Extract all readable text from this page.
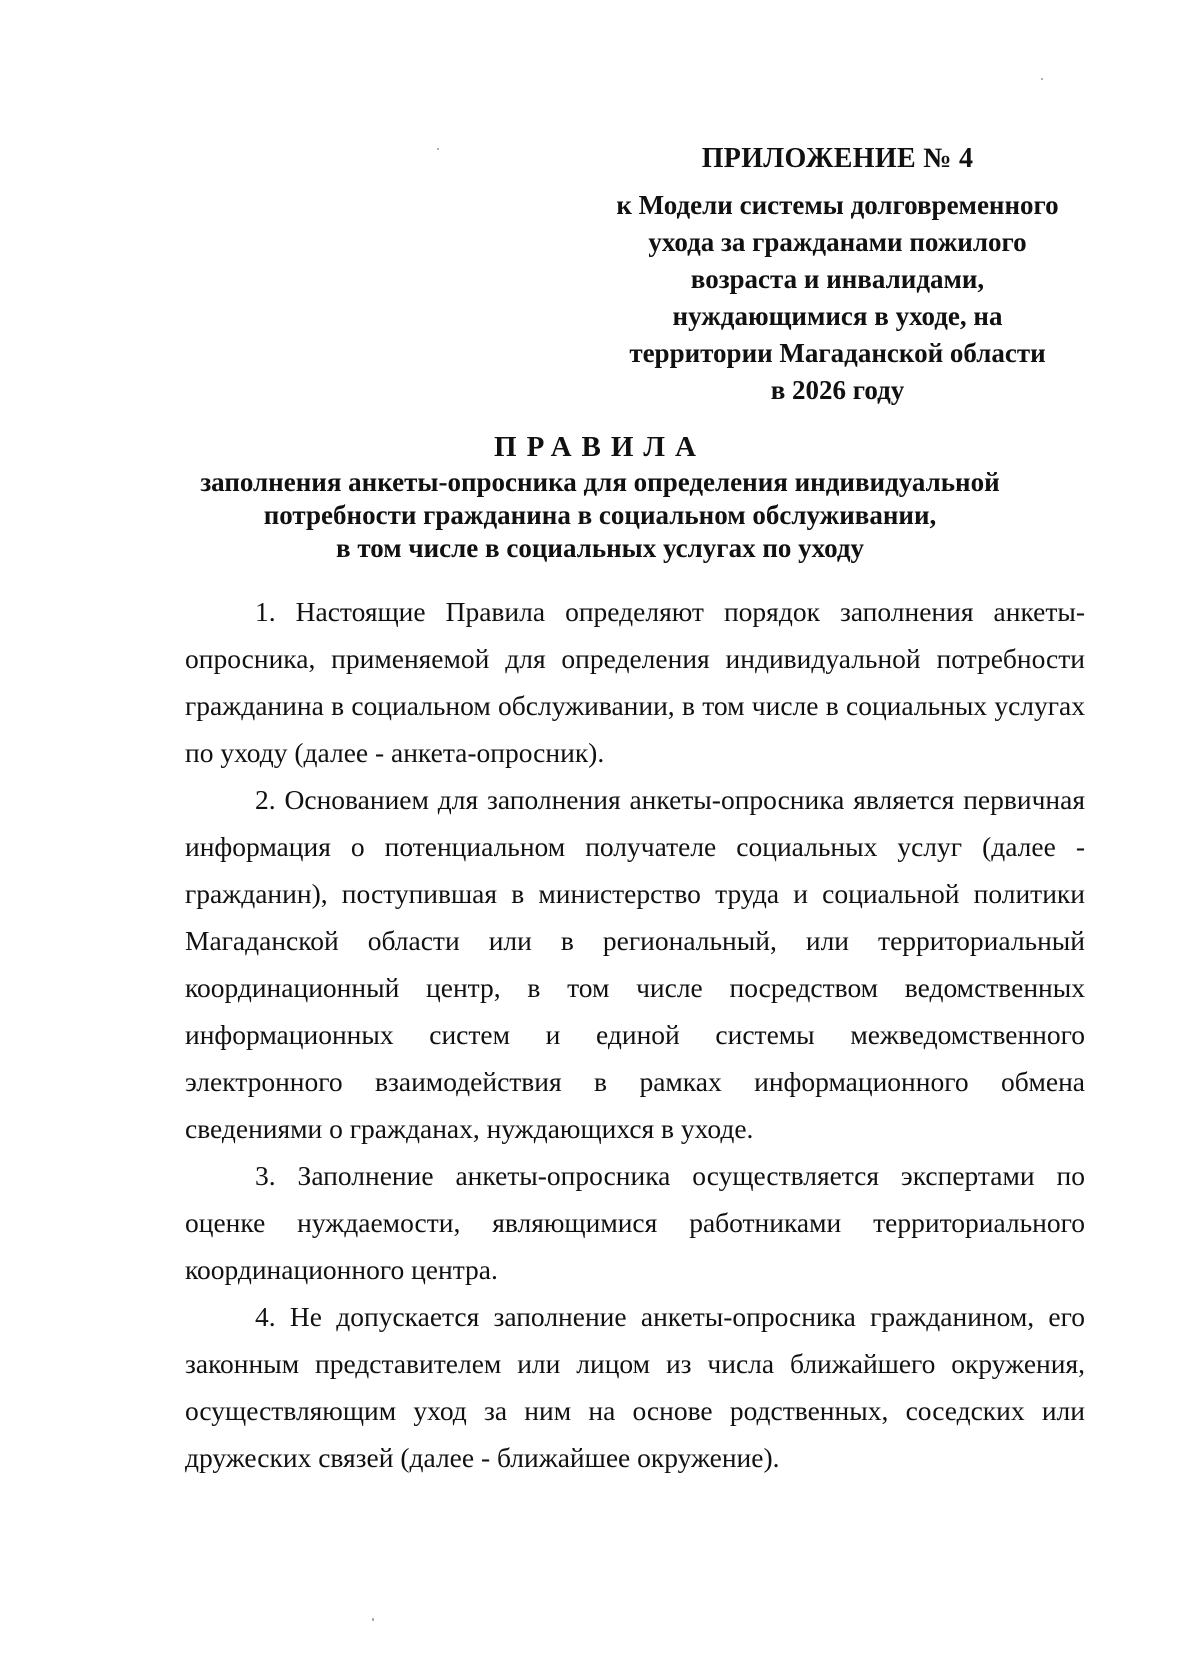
ПРИЛОЖЕНИЕ № 4
к Модели системы долговременного
ухода за гражданами пожилого
возраста и инвалидами,
нуждающимися в уходе, на
территории Магаданской области
в 2026 году
ПРАВИЛА
заполнения анкеты-опросника для определения индивидуальной
потребности гражданина в социальном обслуживании,
в том числе в социальных услугах по уходу

1. Настоящие Правила определяют порядок заполнения анкеты-опросника, применяемой для определения индивидуальной потребности гражданина в социальном обслуживании, в том числе в социальных услугах по уходу (далее - анкета-опросник).

2. Основанием для заполнения анкеты-опросника является первичная информация о потенциальном получателе социальных услуг (далее - гражданин), поступившая в министерство труда и социальной политики Магаданской области или в региональный, или территориальный координационный центр, в том числе посредством ведомственных информационных систем и единой системы межведомственного электронного взаимодействия в рамках информационного обмена сведениями о гражданах, нуждающихся в уходе.

3. Заполнение анкеты-опросника осуществляется экспертами по оценке нуждаемости, являющимися работниками территориального координационного центра.

4. Не допускается заполнение анкеты-опросника гражданином, его законным представителем или лицом из числа ближайшего окружения, осуществляющим уход за ним на основе родственных, соседских или дружеских связей (далее - ближайшее окружение).
